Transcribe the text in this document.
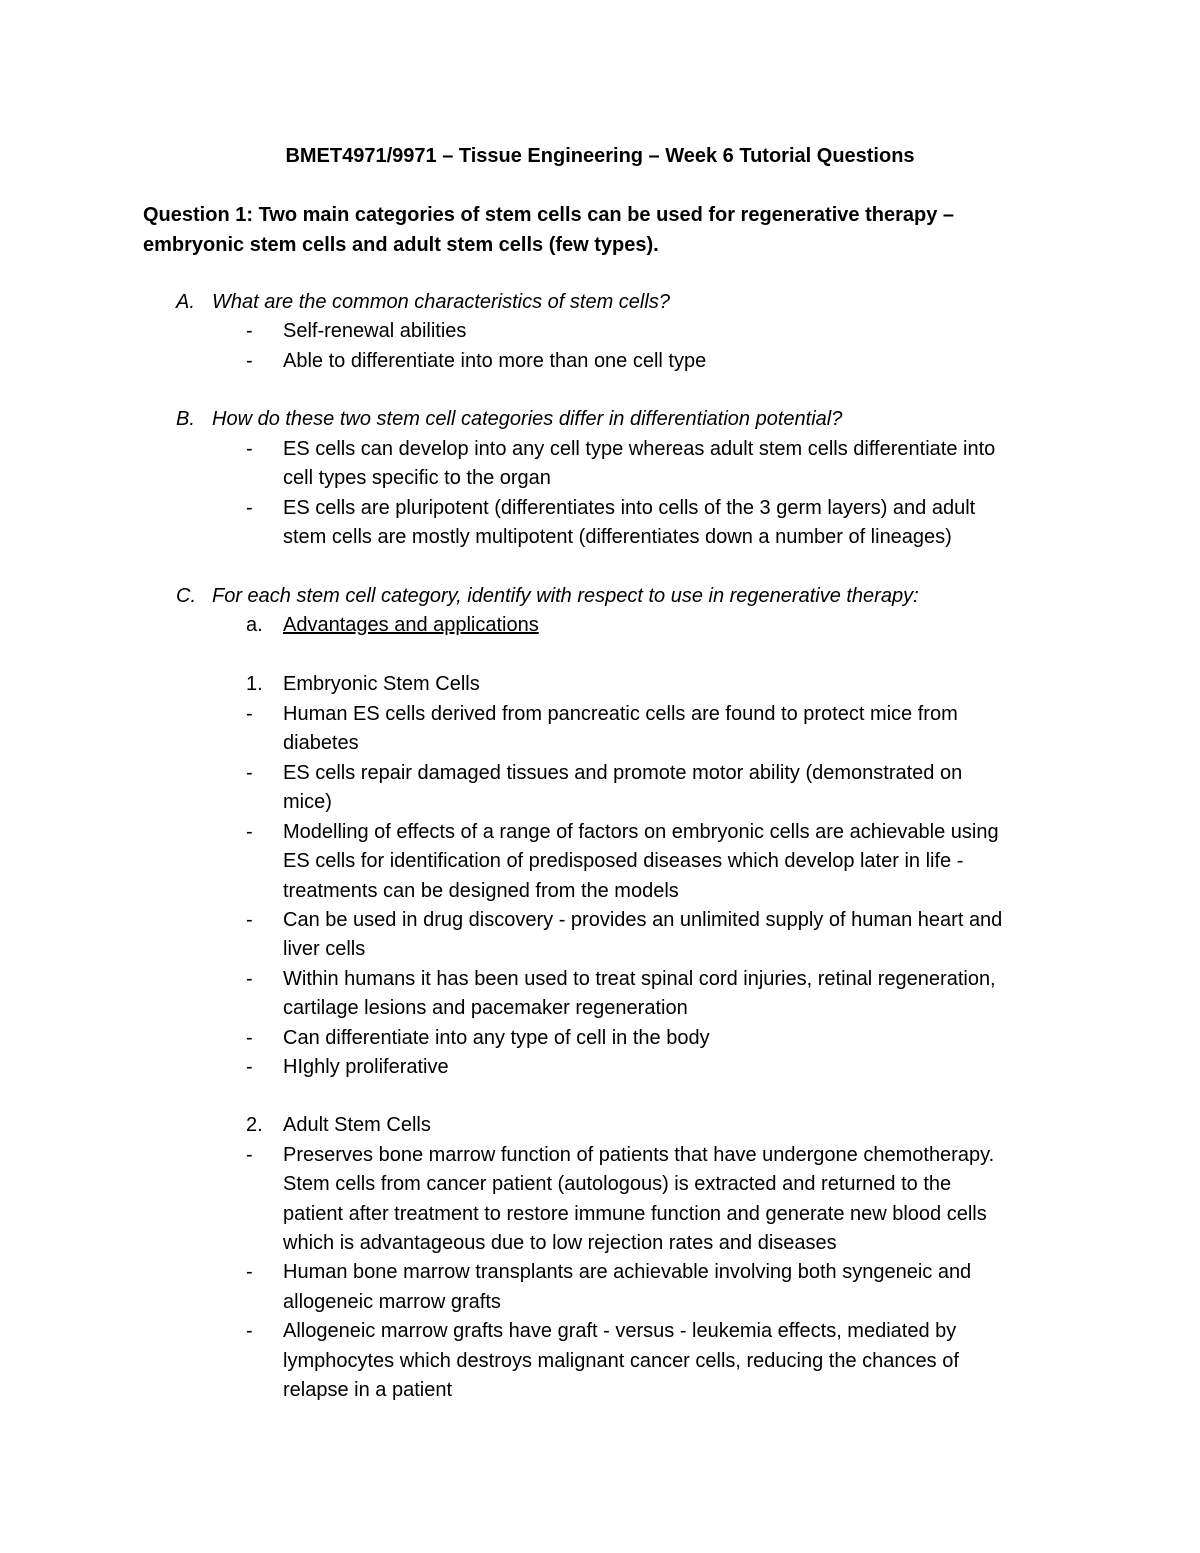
BMET4971/9971 – Tissue Engineering – Week 6 Tutorial Questions
Question 1: Two main categories of stem cells can be used for regenerative therapy –
embryonic stem cells and adult stem cells (few types).
A. What are the common characteristics of stem cells?
- Self-renewal abilities
- Able to differentiate into more than one cell type
B. How do these two stem cell categories differ in differentiation potential?
- ES cells can develop into any cell type whereas adult stem cells differentiate into
cell types specific to the organ
- ES cells are pluripotent (differentiates into cells of the 3 germ layers) and adult
stem cells are mostly multipotent (differentiates down a number of lineages)
C. For each stem cell category, identify with respect to use in regenerative therapy:
a. Advantages and applications
1. Embryonic Stem Cells
- Human ES cells derived from pancreatic cells are found to protect mice from
diabetes
- ES cells repair damaged tissues and promote motor ability (demonstrated on
mice)
- Modelling of effects of a range of factors on embryonic cells are achievable using
ES cells for identification of predisposed diseases which develop later in life -
treatments can be designed from the models
- Can be used in drug discovery - provides an unlimited supply of human heart and
liver cells
- Within humans it has been used to treat spinal cord injuries, retinal regeneration,
cartilage lesions and pacemaker regeneration
- Can differentiate into any type of cell in the body
- HIghly proliferative
2. Adult Stem Cells
- Preserves bone marrow function of patients that have undergone chemotherapy.
Stem cells from cancer patient (autologous) is extracted and returned to the
patient after treatment to restore immune function and generate new blood cells
which is advantageous due to low rejection rates and diseases
- Human bone marrow transplants are achievable involving both syngeneic and
allogeneic marrow grafts
- Allogeneic marrow grafts have graft - versus - leukemia effects, mediated by
lymphocytes which destroys malignant cancer cells, reducing the chances of
relapse in a patient
